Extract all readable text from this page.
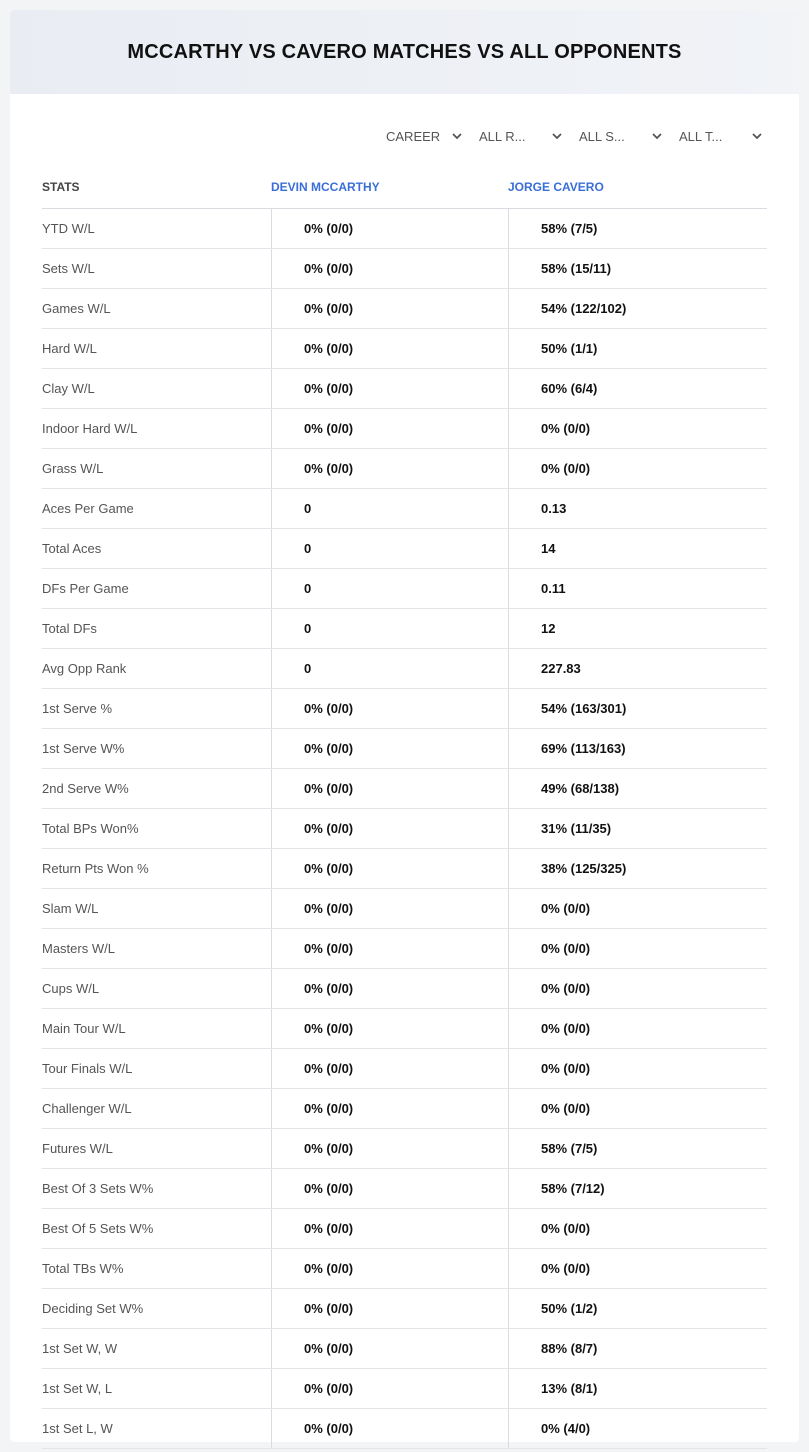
MCCARTHY VS CAVERO MATCHES VS ALL OPPONENTS
CAREER	ALL R...	ALL S...	ALL T...
STATS	DEVIN MCCARTHY	JORGE CAVERO
YTD W/L	0% (0/0)	58% (7/5)
Sets W/L	0% (0/0)	58% (15/11)
Games W/L	0% (0/0)	54% (122/102)
Hard W/L	0% (0/0)	50% (1/1)
Clay W/L	0% (0/0)	60% (6/4)
Indoor Hard W/L	0% (0/0)	0% (0/0)
Grass W/L	0% (0/0)	0% (0/0)
Aces Per Game	0	0.13
Total Aces	0	14
DFs Per Game	0	0.11
Total DFs	0	12
Avg Opp Rank	0	227.83
1st Serve %	0% (0/0)	54% (163/301)
1st Serve W%	0% (0/0)	69% (113/163)
2nd Serve W%	0% (0/0)	49% (68/138)
Total BPs Won%	0% (0/0)	31% (11/35)
Return Pts Won %	0% (0/0)	38% (125/325)
Slam W/L	0% (0/0)	0% (0/0)
Masters W/L	0% (0/0)	0% (0/0)
Cups W/L	0% (0/0)	0% (0/0)
Main Tour W/L	0% (0/0)	0% (0/0)
Tour Finals W/L	0% (0/0)	0% (0/0)
Challenger W/L	0% (0/0)	0% (0/0)
Futures W/L	0% (0/0)	58% (7/5)
Best Of 3 Sets W%	0% (0/0)	58% (7/12)
Best Of 5 Sets W%	0% (0/0)	0% (0/0)
Total TBs W%	0% (0/0)	0% (0/0)
Deciding Set W%	0% (0/0)	50% (1/2)
1st Set W, W	0% (0/0)	88% (8/7)
1st Set W, L	0% (0/0)	13% (8/1)
1st Set L, W	0% (0/0)	0% (4/0)
